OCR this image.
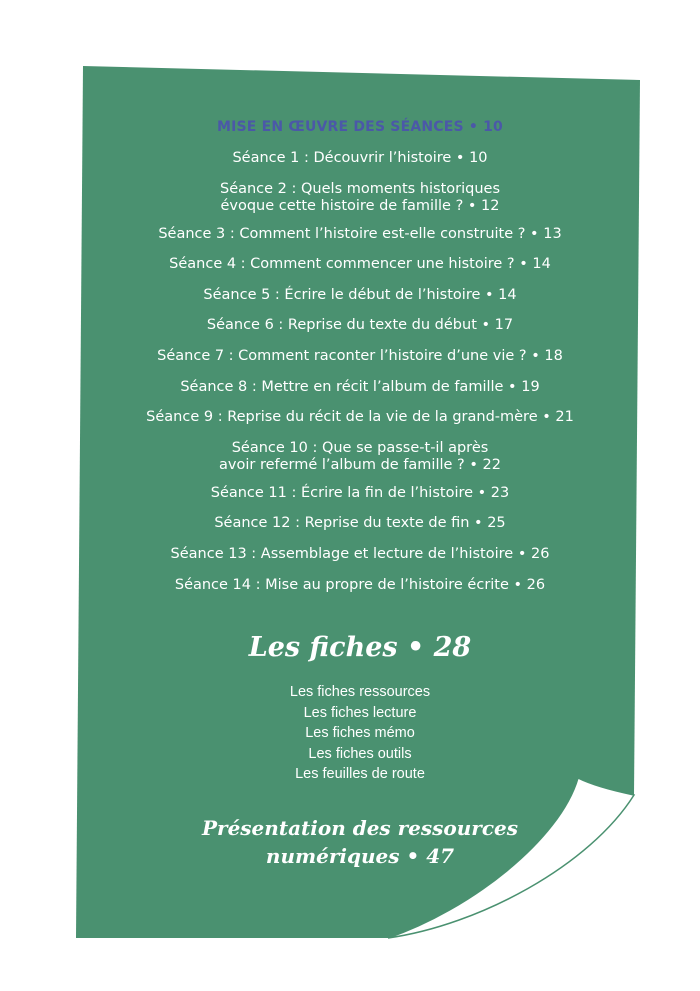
MISE EN ŒUVRE DES SÉANCES • 10
Séance 1 : Découvrir l’histoire • 10
Séance 2 : Quels moments historiques
évoque cette histoire de famille ? • 12
Séance 3 : Comment l’histoire est-elle construite ? • 13
Séance 4 : Comment commencer une histoire ? • 14
Séance 5 : Écrire le début de l’histoire • 14
Séance 6 : Reprise du texte du début • 17
Séance 7 : Comment raconter l’histoire d’une vie ? • 18
Séance 8 : Mettre en récit l’album de famille • 19
Séance 9 : Reprise du récit de la vie de la grand-mère • 21
Séance 10 : Que se passe-t-il après
avoir refermé l’album de famille ? • 22
Séance 11 : Écrire la fin de l’histoire • 23
Séance 12 : Reprise du texte de fin • 25
Séance 13 : Assemblage et lecture de l’histoire • 26
Séance 14 : Mise au propre de l’histoire écrite • 26
Les fiches • 28
Les fiches ressources
Les fiches lecture
Les fiches mémo
Les fiches outils
Les feuilles de route
Présentation des ressources
numériques • 47
